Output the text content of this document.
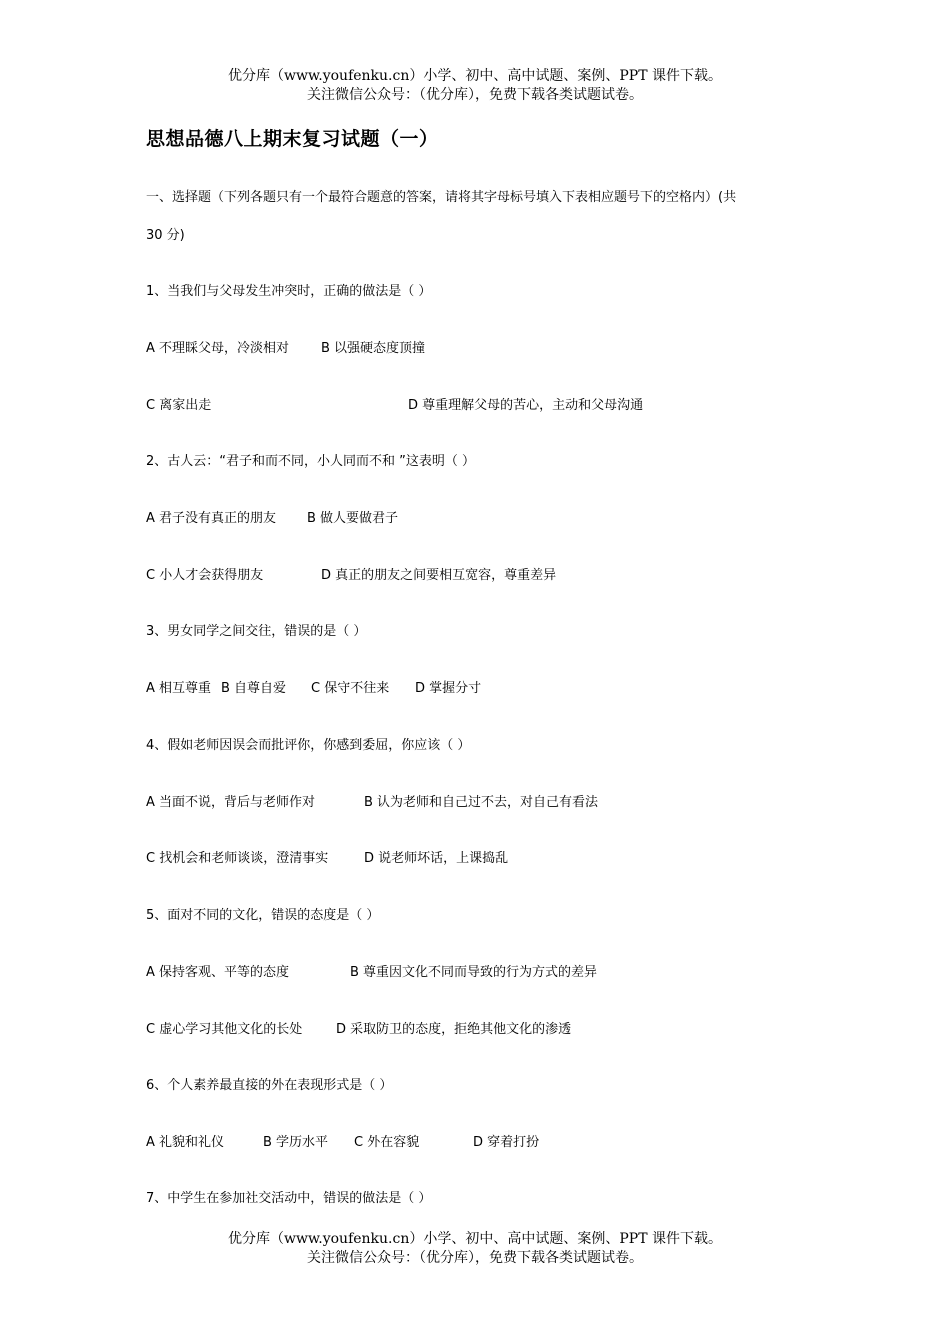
优分库（www.youfenku.cn）小学、初中、高中试题、案例、PPT 课件下载。
关注微信公众号：（优分库），免费下载各类试题试卷。
思想品德八上期末复习试题（一）
一、选择题（下列各题只有一个最符合题意的答案，请将其字母标号填入下表相应题号下的空格内）(共
30 分)
1、当我们与父母发生冲突时，正确的做法是（ ）
A 不理睬父母，冷淡相对 B 以强硬态度顶撞
C 离家出走	D 尊重理解父母的苦心，主动和父母沟通
2、古人云：“君子和而不同，小人同而不和 ”这表明（ ）
A 君子没有真正的朋友 B 做人要做君子
C 小人才会获得朋友	D 真正的朋友之间要相互宽容，尊重差异
3、男女同学之间交往，错误的是（ ）
A 相互尊重 B 自尊自爱 C 保守不往来 D 掌握分寸
4、假如老师因误会而批评你，你感到委屈，你应该（ ）
A 当面不说，背后与老师作对	B 认为老师和自己过不去，对自己有看法
C 找机会和老师谈谈，澄清事实	D 说老师坏话，上课捣乱
5、面对不同的文化，错误的态度是（ ）
A 保持客观、平等的态度	B 尊重因文化不同而导致的行为方式的差异
C 虚心学习其他文化的长处	D 采取防卫的态度，拒绝其他文化的渗透
6、个人素养最直接的外在表现形式是（ ）
A 礼貌和礼仪	B 学历水平 C 外在容貌	D 穿着打扮
7、中学生在参加社交活动中，错误的做法是（ ）
优分库（www.youfenku.cn）小学、初中、高中试题、案例、PPT 课件下载。
关注微信公众号：（优分库），免费下载各类试题试卷。
